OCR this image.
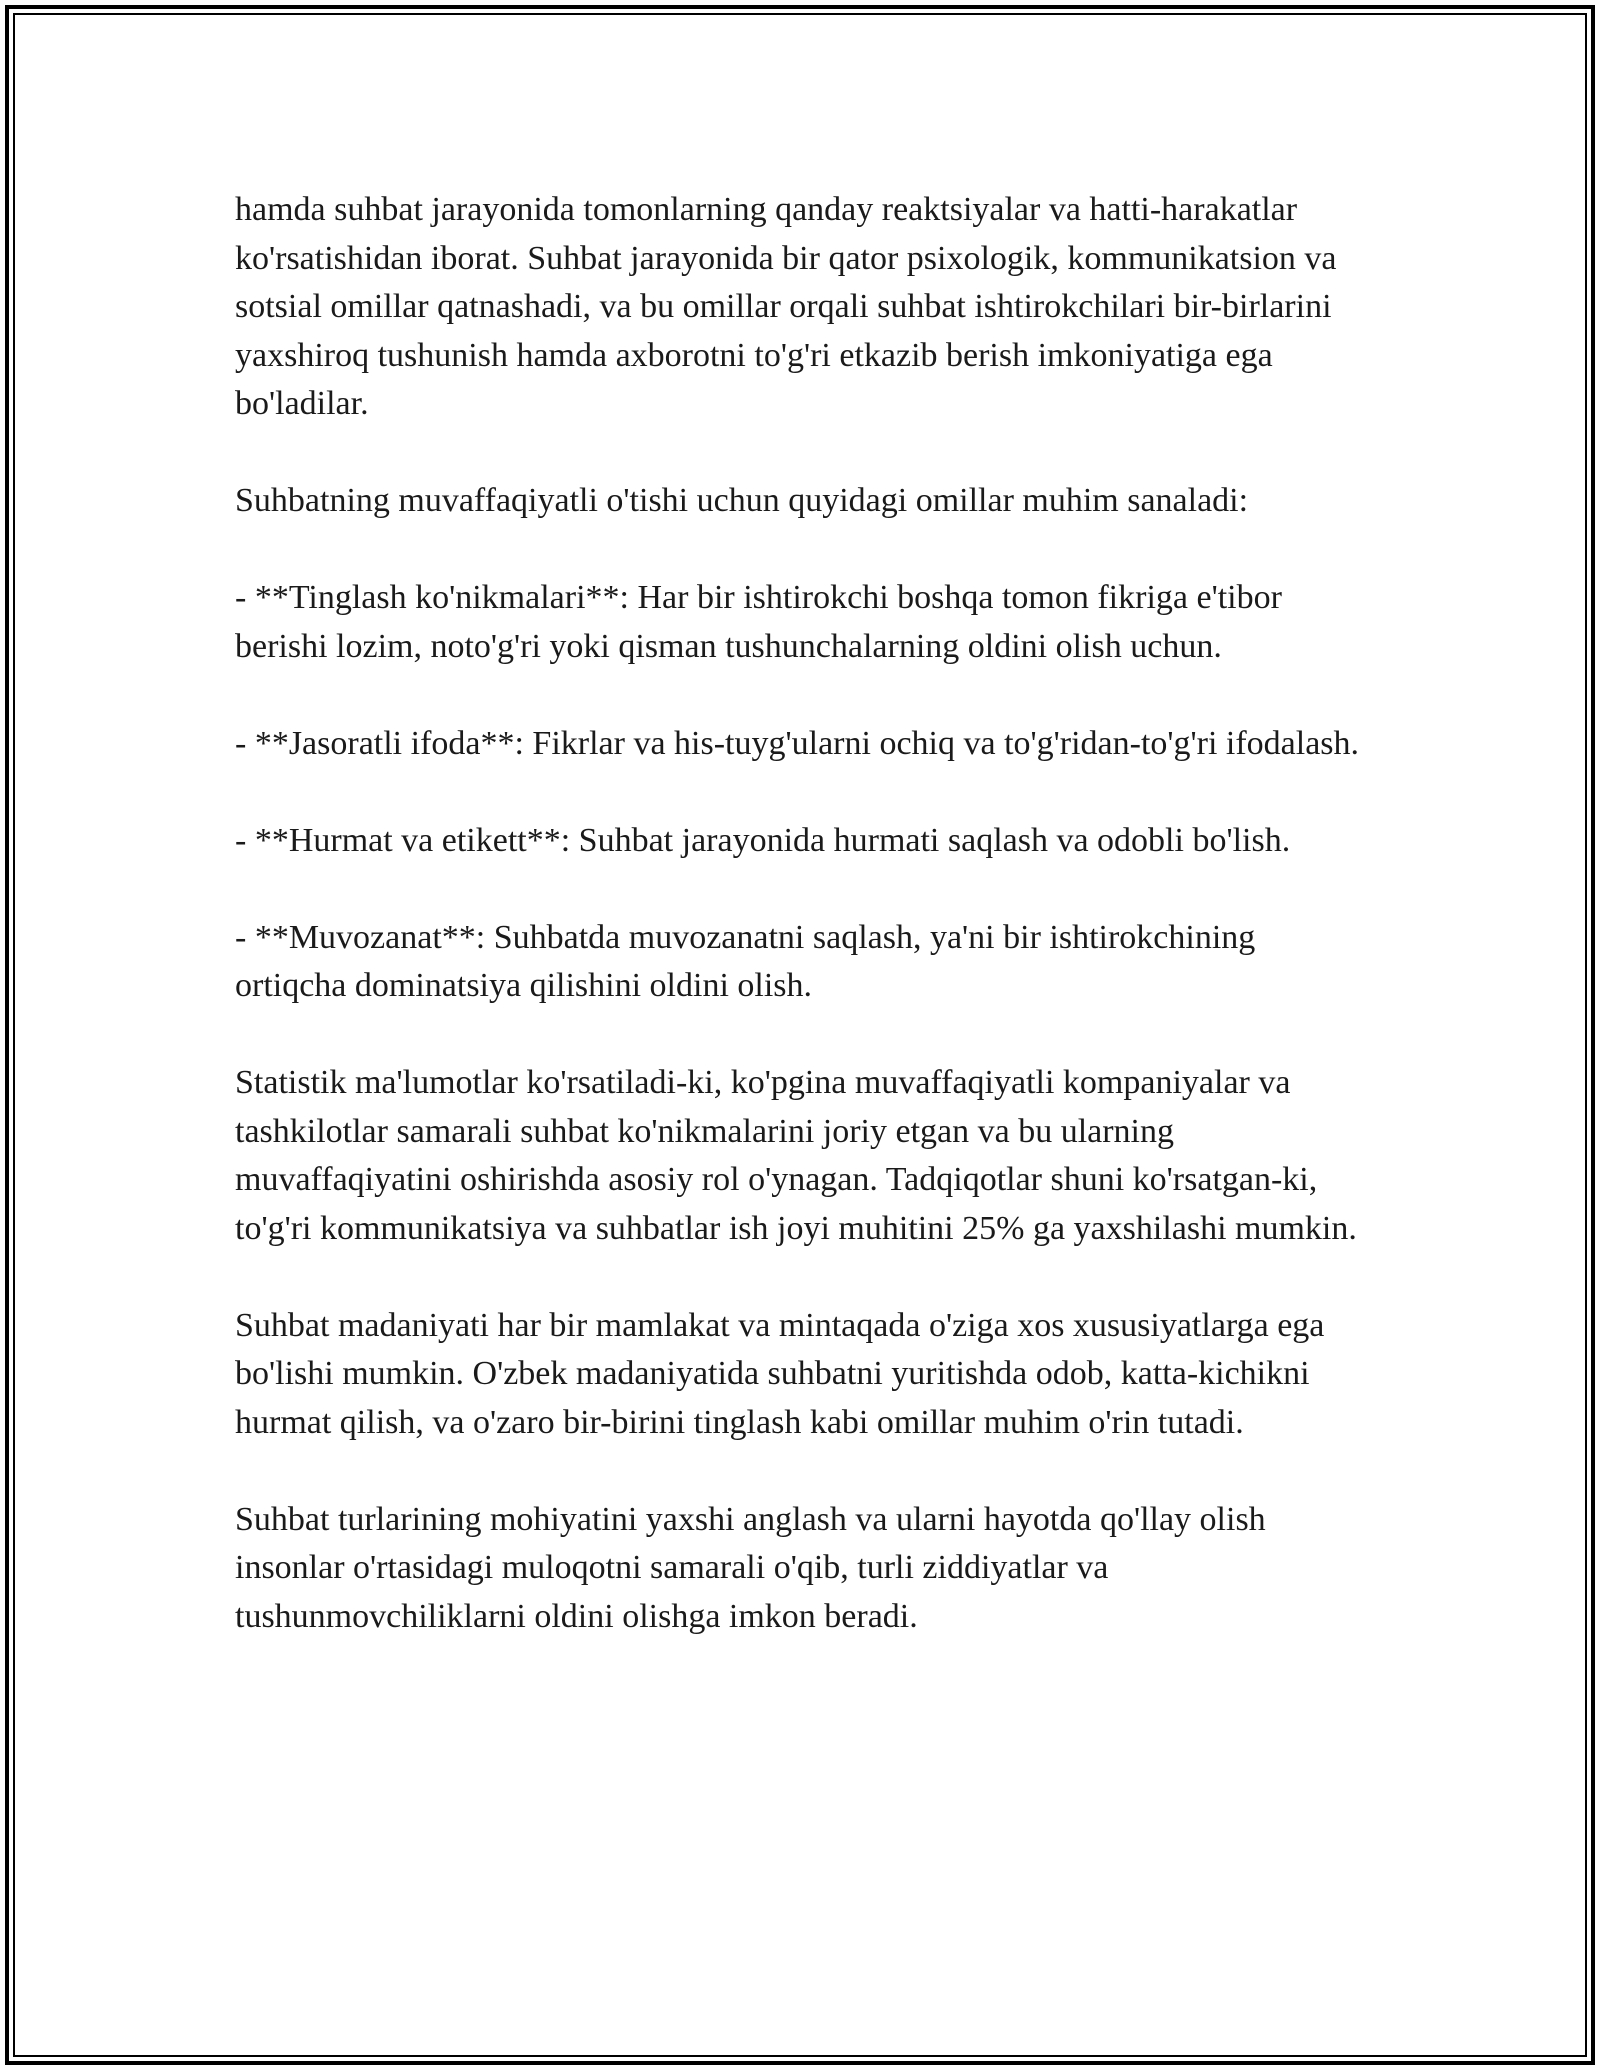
hamda suhbat jarayonida tomonlarning qanday reaktsiyalar va hatti-harakatlar ko'rsatishidan iborat. Suhbat jarayonida bir qator psixologik, kommunikatsion va sotsial omillar qatnashadi, va bu omillar orqali suhbat ishtirokchilari bir-birlarini yaxshiroq tushunish hamda axborotni to'g'ri etkazib berish imkoniyatiga ega bo'ladilar.

Suhbatning muvaffaqiyatli o'tishi uchun quyidagi omillar muhim sanaladi:

- **Tinglash ko'nikmalari**: Har bir ishtirokchi boshqa tomon fikriga e'tibor berishi lozim, noto'g'ri yoki qisman tushunchalarning oldini olish uchun.

- **Jasoratli ifoda**: Fikrlar va his-tuyg'ularni ochiq va to'g'ridan-to'g'ri ifodalash.

- **Hurmat va etikett**: Suhbat jarayonida hurmati saqlash va odobli bo'lish.

- **Muvozanat**: Suhbatda muvozanatni saqlash, ya'ni bir ishtirokchining ortiqcha dominatsiya qilishini oldini olish.

Statistik ma'lumotlar ko'rsatiladi-ki, ko'pgina muvaffaqiyatli kompaniyalar va tashkilotlar samarali suhbat ko'nikmalarini joriy etgan va bu ularning muvaffaqiyatini oshirishda asosiy rol o'ynagan. Tadqiqotlar shuni ko'rsatgan-ki, to'g'ri kommunikatsiya va suhbatlar ish joyi muhitini 25% ga yaxshilashi mumkin.

Suhbat madaniyati har bir mamlakat va mintaqada o'ziga xos xususiyatlarga ega bo'lishi mumkin. O'zbek madaniyatida suhbatni yuritishda odob, katta-kichikni hurmat qilish, va o'zaro bir-birini tinglash kabi omillar muhim o'rin tutadi.

Suhbat turlarining mohiyatini yaxshi anglash va ularni hayotda qo'llay olish insonlar o'rtasidagi muloqotni samarali o'qib, turli ziddiyatlar va tushunmovchiliklarni oldini olishga imkon beradi.
